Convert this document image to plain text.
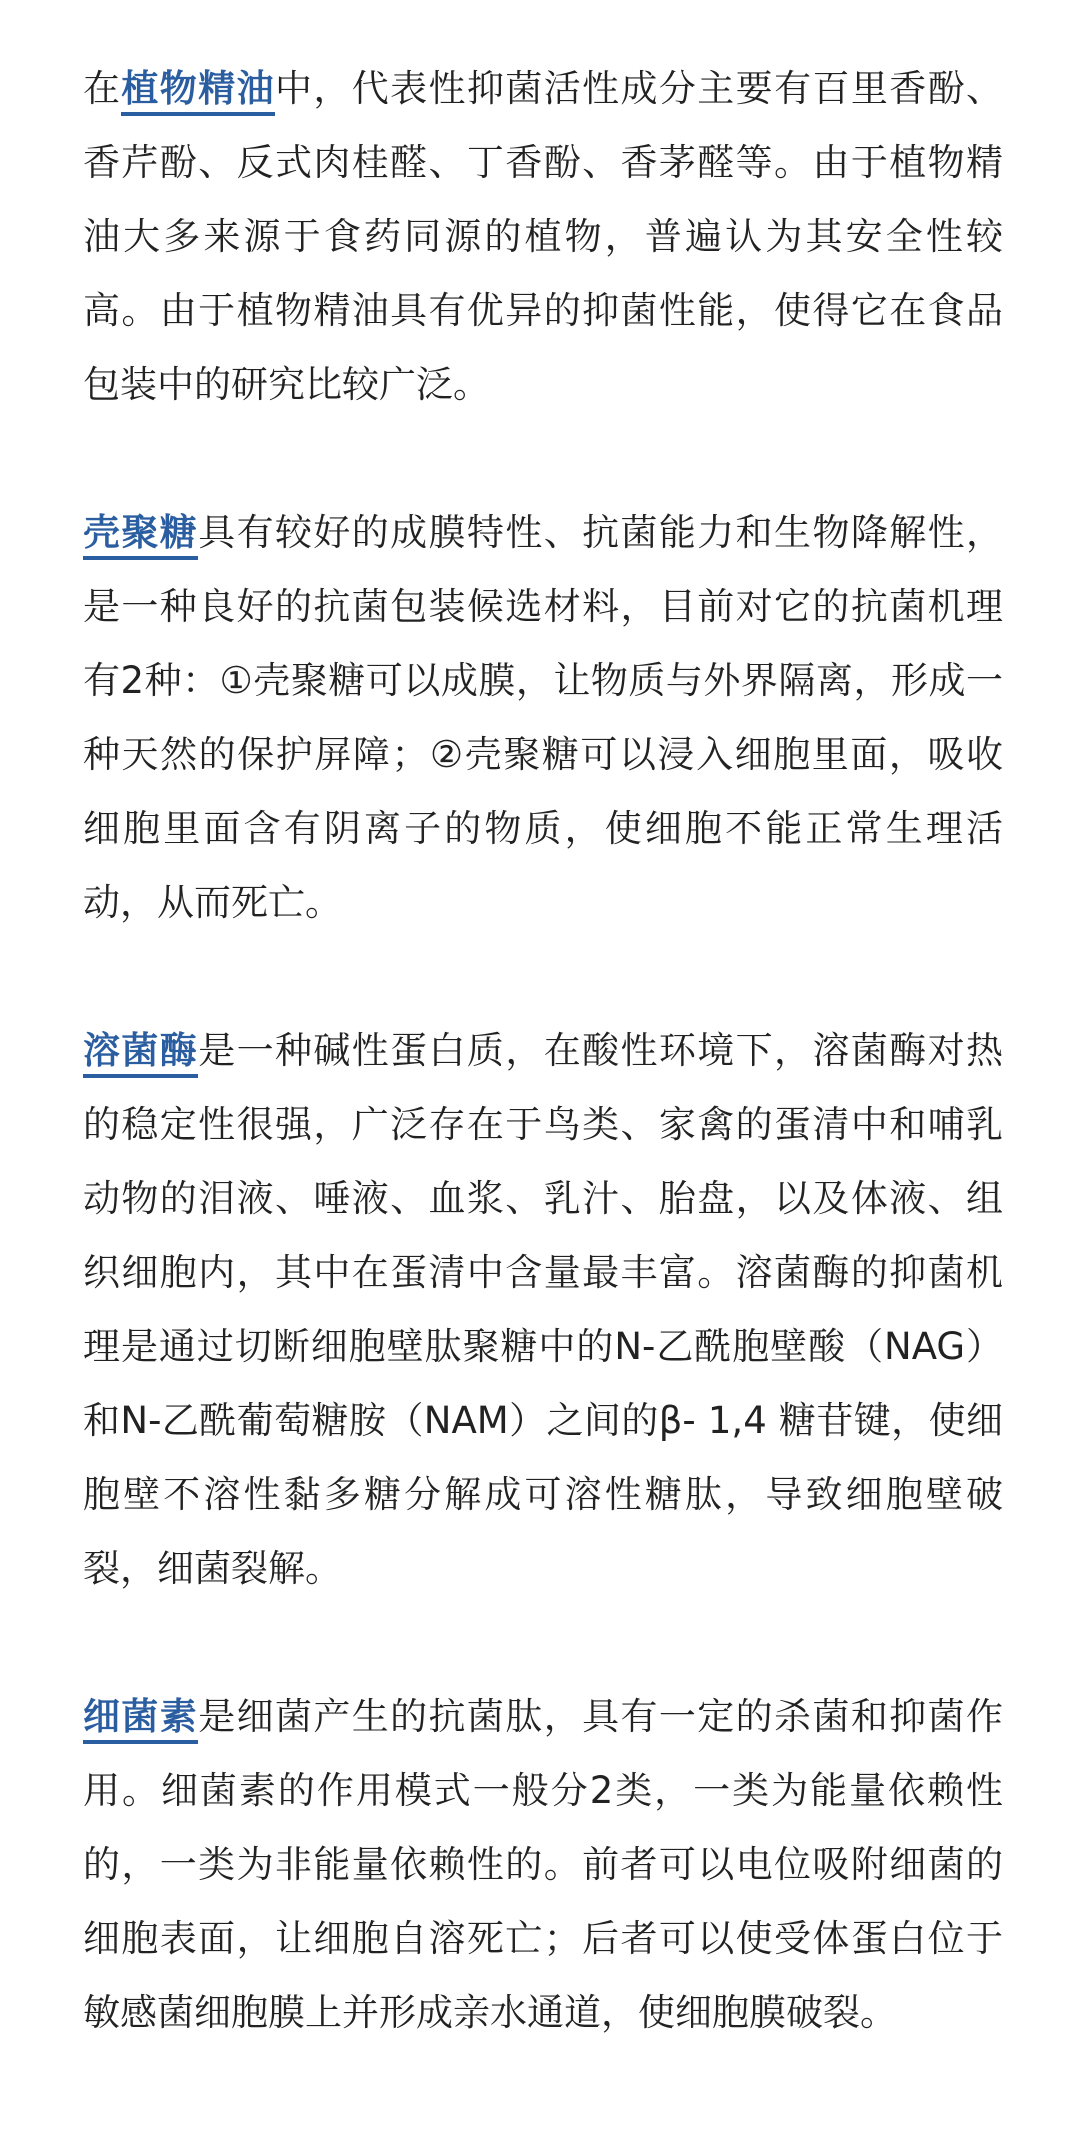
在植物精油中，代表性抑菌活性成分主要有百里香酚、香芹酚、反式肉桂醛、丁香酚、香茅醛等。由于植物精油大多来源于食药同源的植物，普遍认为其安全性较高。由于植物精油具有优异的抑菌性能，使得它在食品包装中的研究比较广泛。

壳聚糖具有较好的成膜特性、抗菌能力和生物降解性，是一种良好的抗菌包装候选材料，目前对它的抗菌机理有2种：①壳聚糖可以成膜，让物质与外界隔离，形成一种天然的保护屏障；②壳聚糖可以浸入细胞里面，吸收细胞里面含有阴离子的物质，使细胞不能正常生理活动，从而死亡。

溶菌酶是一种碱性蛋白质，在酸性环境下，溶菌酶对热的稳定性很强，广泛存在于鸟类、家禽的蛋清中和哺乳动物的泪液、唾液、血浆、乳汁、胎盘，以及体液、组织细胞内，其中在蛋清中含量最丰富。溶菌酶的抑菌机理是通过切断细胞壁肽聚糖中的N-乙酰胞壁酸（NAG）和N-乙酰葡萄糖胺（NAM）之间的β- 1,4 糖苷键，使细胞壁不溶性黏多糖分解成可溶性糖肽，导致细胞壁破裂，细菌裂解。

细菌素是细菌产生的抗菌肽，具有一定的杀菌和抑菌作用。细菌素的作用模式一般分2类，一类为能量依赖性的，一类为非能量依赖性的。前者可以电位吸附细菌的细胞表面，让细胞自溶死亡；后者可以使受体蛋白位于敏感菌细胞膜上并形成亲水通道，使细胞膜破裂。
